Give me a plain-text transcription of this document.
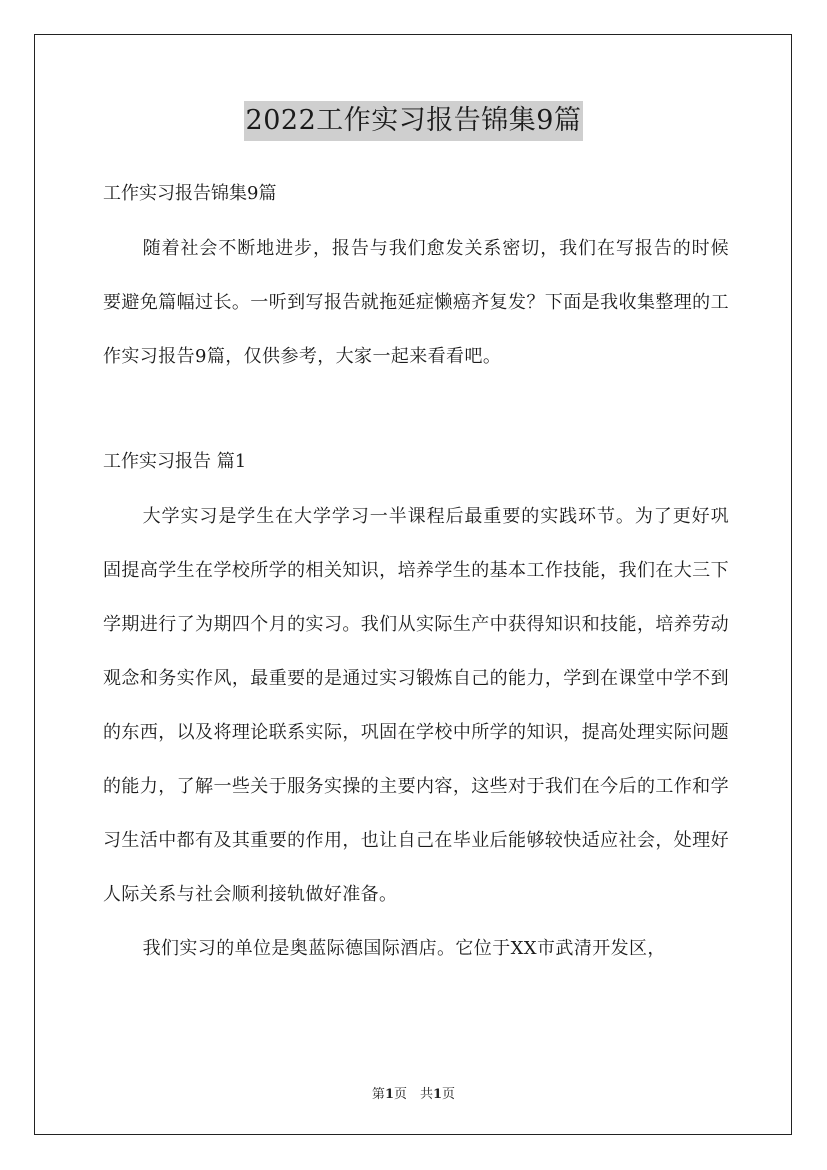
2022工作实习报告锦集9篇

工作实习报告锦集9篇

随着社会不断地进步，报告与我们愈发关系密切，我们在写报告的时候要避免篇幅过长。一听到写报告就拖延症懒癌齐复发？下面是我收集整理的工作实习报告9篇，仅供参考，大家一起来看看吧。

工作实习报告 篇1

大学实习是学生在大学学习一半课程后最重要的实践环节。为了更好巩固提高学生在学校所学的相关知识，培养学生的基本工作技能，我们在大三下学期进行了为期四个月的实习。我们从实际生产中获得知识和技能，培养劳动观念和务实作风，最重要的是通过实习锻炼自己的能力，学到在课堂中学不到的东西，以及将理论联系实际，巩固在学校中所学的知识，提高处理实际问题的能力，了解一些关于服务实操的主要内容，这些对于我们在今后的工作和学习生活中都有及其重要的作用，也让自己在毕业后能够较快适应社会，处理好人际关系与社会顺利接轨做好准备。

我们实习的单位是奥蓝际德国际酒店。它位于XX市武清开发区，

第1页　共1页
